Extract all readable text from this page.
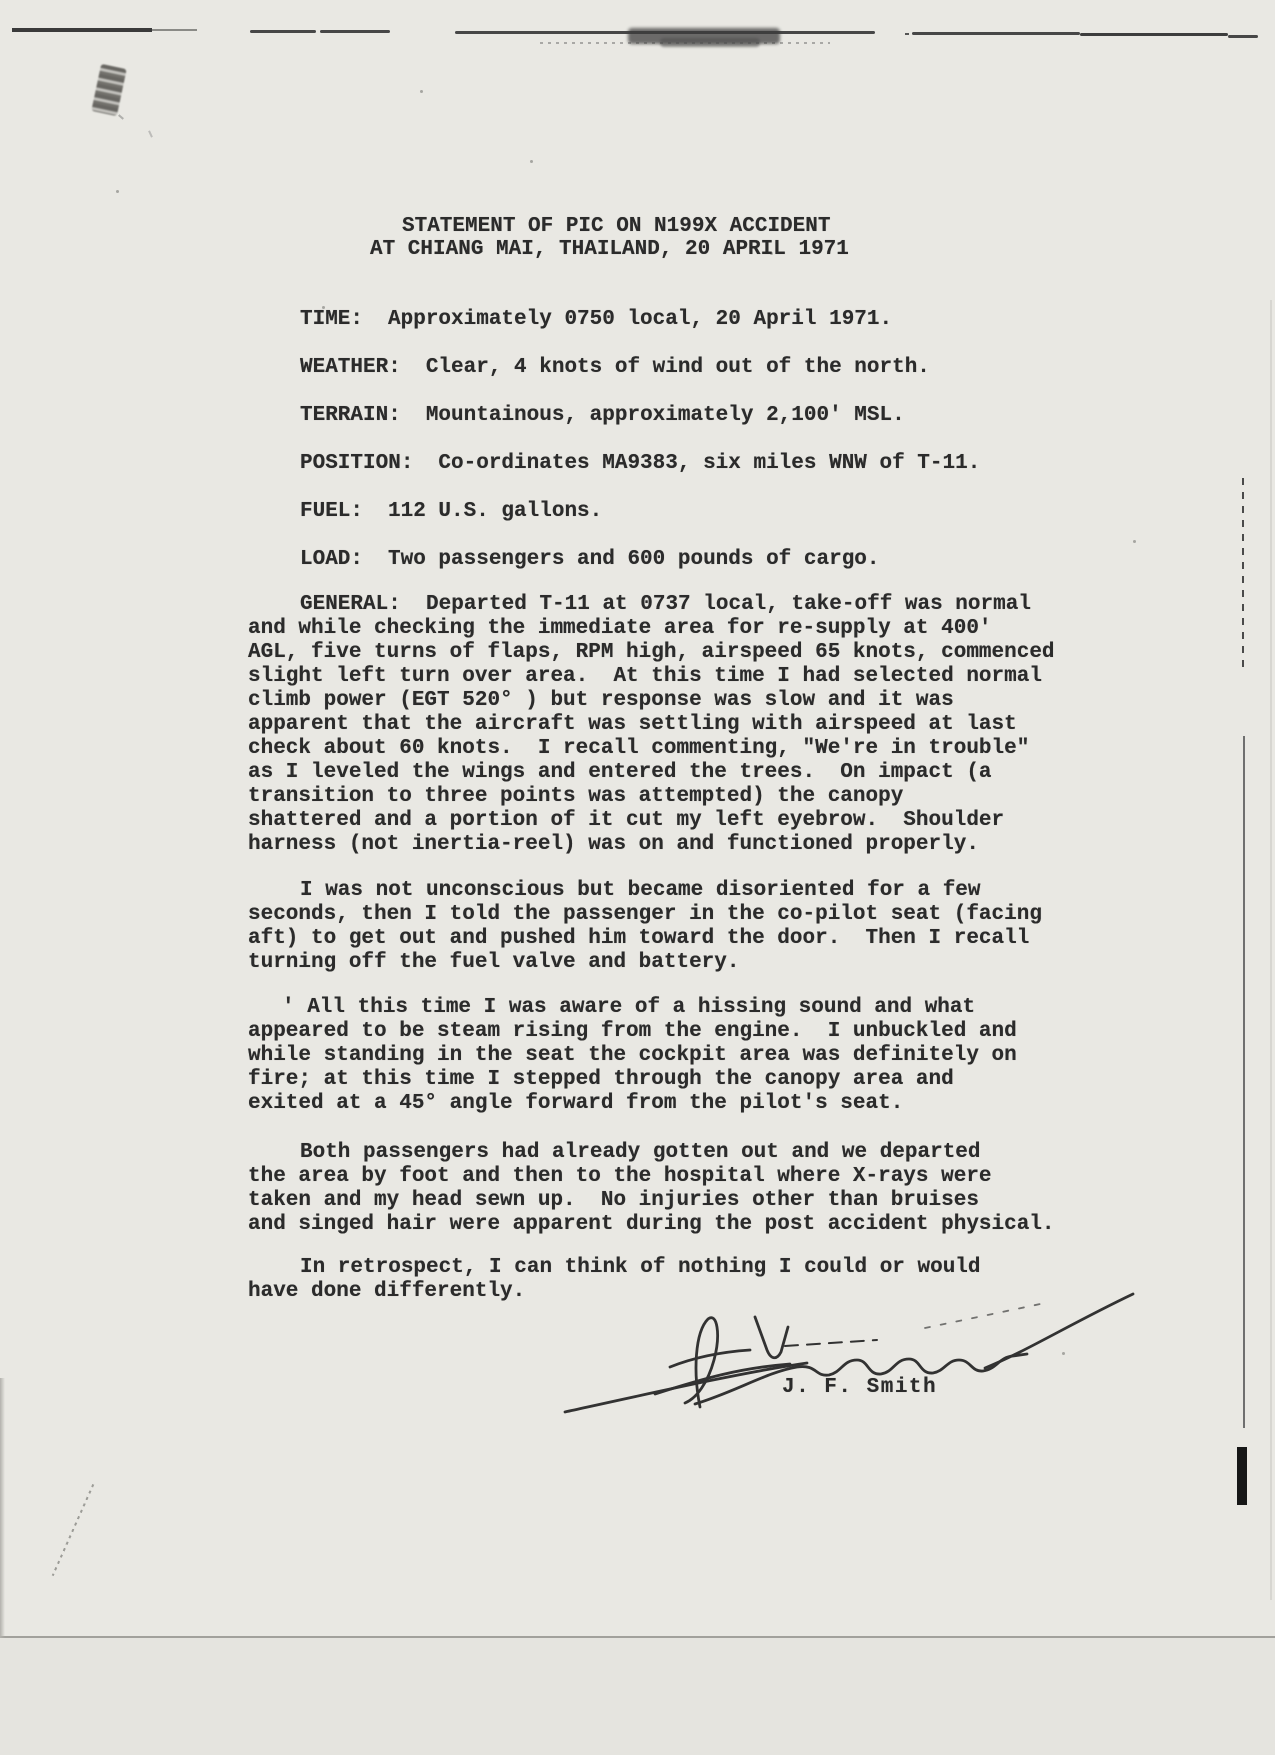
STATEMENT OF PIC ON N199X ACCIDENT
AT CHIANG MAI, THAILAND, 20 APRIL 1971
TIME: Approximately 0750 local, 20 April 1971.
WEATHER: Clear, 4 knots of wind out of the north.
TERRAIN: Mountainous, approximately 2,100' MSL.
POSITION: Co-ordinates MA9383, six miles WNW of T-11.
FUEL: 112 U.S. gallons.
LOAD: Two passengers and 600 pounds of cargo.
GENERAL:  Departed T-11 at 0737 local, take-off was normal
and while checking the immediate area for re-supply at 400'
AGL, five turns of flaps, RPM high, airspeed 65 knots, commenced
slight left turn over area.  At this time I had selected normal
climb power (EGT 520° ) but response was slow and it was
apparent that the aircraft was settling with airspeed at last
check about 60 knots.  I recall commenting, "We're in trouble"
as I leveled the wings and entered the trees.  On impact (a
transition to three points was attempted) the canopy
shattered and a portion of it cut my left eyebrow.  Shoulder
harness (not inertia-reel) was on and functioned properly.
I was not unconscious but became disoriented for a few
seconds, then I told the passenger in the co-pilot seat (facing
aft) to get out and pushed him toward the door.  Then I recall
turning off the fuel valve and battery.
' All this time I was aware of a hissing sound and what
appeared to be steam rising from the engine.  I unbuckled and
while standing in the seat the cockpit area was definitely on
fire; at this time I stepped through the canopy area and
exited at a 45° angle forward from the pilot's seat.
Both passengers had already gotten out and we departed
the area by foot and then to the hospital where X-rays were
taken and my head sewn up.  No injuries other than bruises
and singed hair were apparent during the post accident physical.
In retrospect, I can think of nothing I could or would
have done differently.
J. F. Smith
